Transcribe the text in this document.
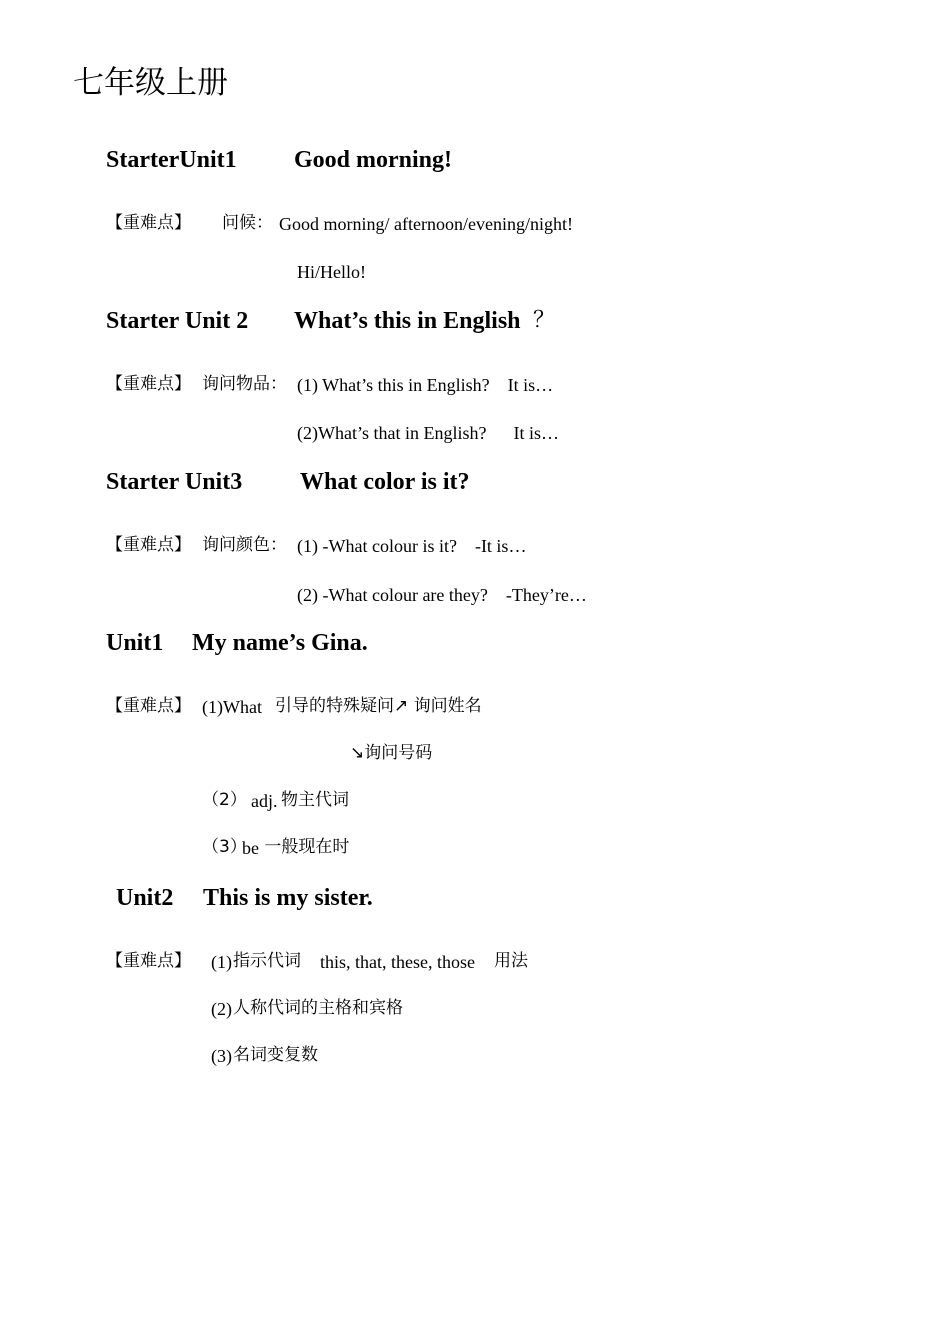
七年级上册
StarterUnit1 Good morning!
【重难点】 问候： Good morning/ afternoon/evening/night!
Hi/Hello!
Starter Unit 2 What’s this in English ？
【重难点】 询问物品： (1) What’s this in English?    It is…
(2)What’s that in English?      It is…
Starter Unit3 What color is it?
【重难点】 询问颜色： (1) -What colour is it?    -It is…
(2) -What colour are they?    -They’re…
Unit1 My name’s Gina.
【重难点】 (1)What 引导的特殊疑问↗ 询问姓名
↘询问号码
（2） adj. 物主代词
（3）
be 一般现在时
Unit2 This is my sister.
【重难点】 (1) 指示代词 this, that, these, those 用法
(2) 人称代词的主格和宾格
(3) 名词变复数
